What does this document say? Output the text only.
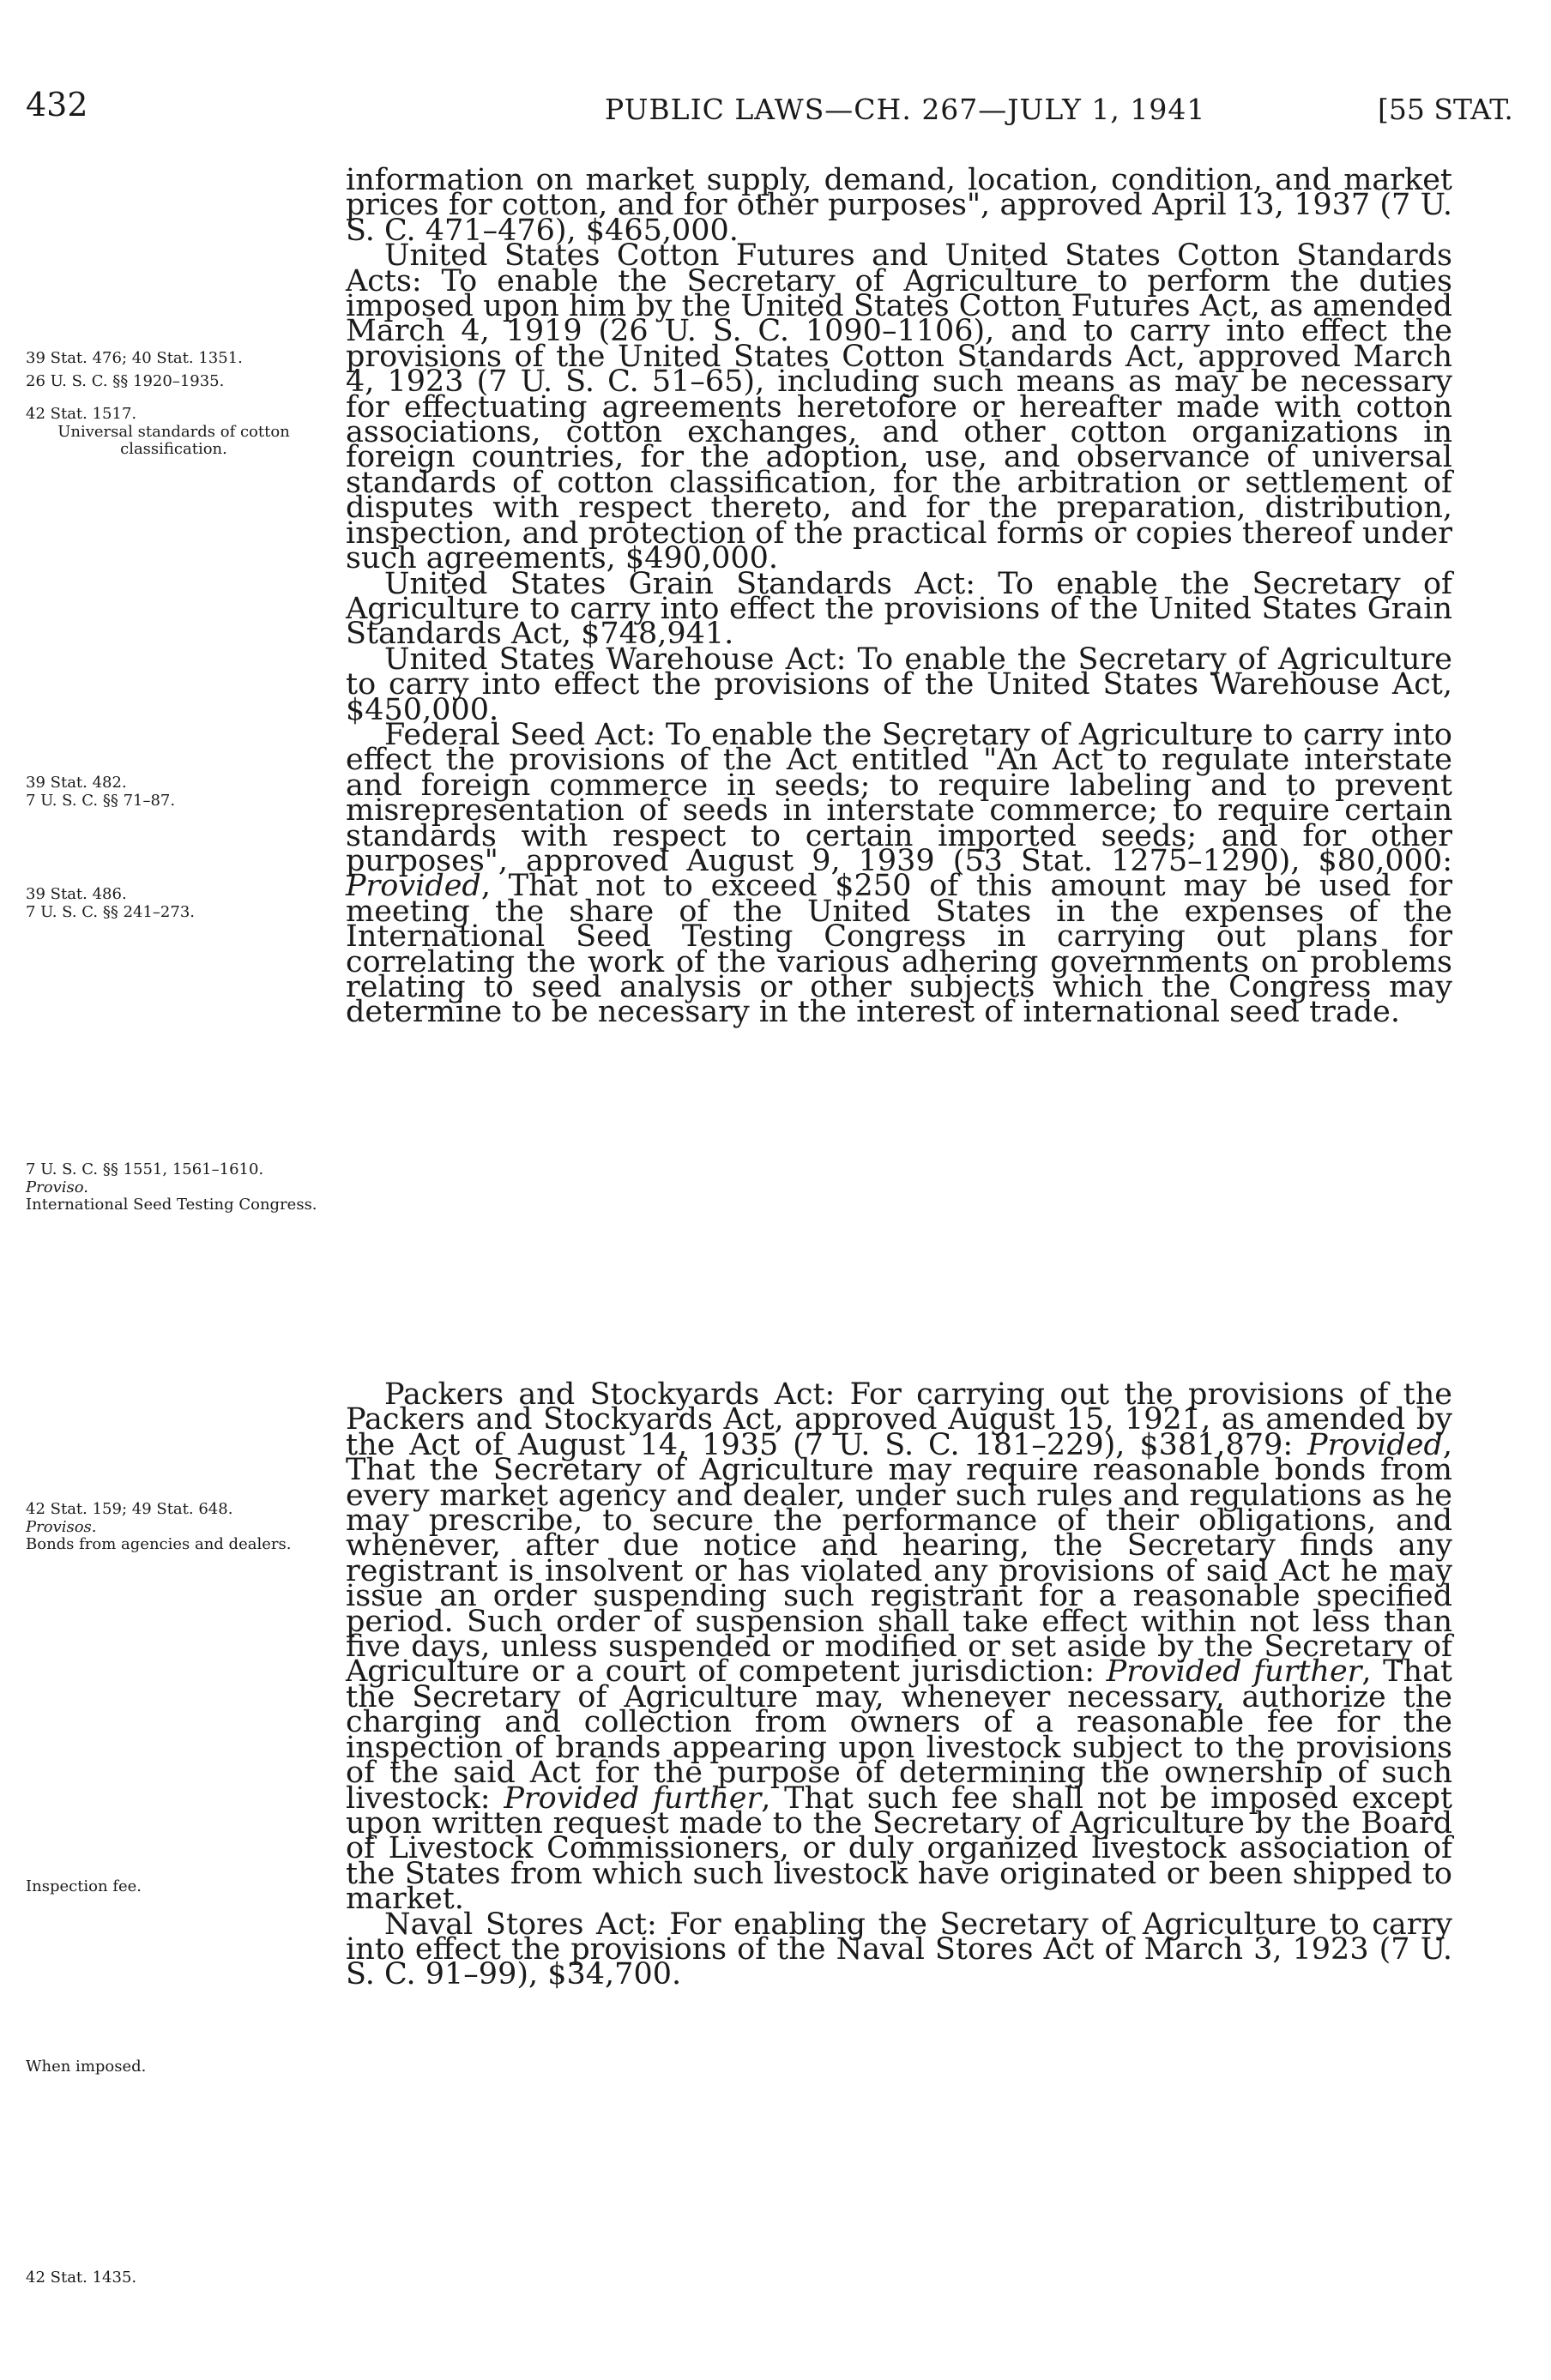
432	PUBLIC LAWS—CH. 267—JULY 1, 1941	[55 STAT.

information on market supply, demand, location, condition, and market prices for cotton, and for other purposes", approved April 13, 1937 (7 U. S. C. 471–476), $465,000.

United States Cotton Futures and United States Cotton Standards Acts: To enable the Secretary of Agriculture to perform the duties imposed upon him by the United States Cotton Futures Act, as amended March 4, 1919 (26 U. S. C. 1090–1106), and to carry into effect the provisions of the United States Cotton Standards Act, approved March 4, 1923 (7 U. S. C. 51–65), including such means as may be necessary for effectuating agreements heretofore or hereafter made with cotton associations, cotton exchanges, and other cotton organizations in foreign countries, for the adoption, use, and observance of universal standards of cotton classification, for the arbitration or settlement of disputes with respect thereto, and for the preparation, distribution, inspection, and protection of the practical forms or copies thereof under such agreements, $490,000.

United States Grain Standards Act: To enable the Secretary of Agriculture to carry into effect the provisions of the United States Grain Standards Act, $748,941.

United States Warehouse Act: To enable the Secretary of Agriculture to carry into effect the provisions of the United States Warehouse Act, $450,000.

Federal Seed Act: To enable the Secretary of Agriculture to carry into effect the provisions of the Act entitled "An Act to regulate interstate and foreign commerce in seeds; to require labeling and to prevent misrepresentation of seeds in interstate commerce; to require certain standards with respect to certain imported seeds; and for other purposes", approved August 9, 1939 (53 Stat. 1275–1290), $80,000: Provided, That not to exceed $250 of this amount may be used for meeting the share of the United States in the expenses of the International Seed Testing Congress in carrying out plans for correlating the work of the various adhering governments on problems relating to seed analysis or other subjects which the Congress may determine to be necessary in the interest of international seed trade.

Packers and Stockyards Act: For carrying out the provisions of the Packers and Stockyards Act, approved August 15, 1921, as amended by the Act of August 14, 1935 (7 U. S. C. 181–229), $381,879: Provided, That the Secretary of Agriculture may require reasonable bonds from every market agency and dealer, under such rules and regulations as he may prescribe, to secure the performance of their obligations, and whenever, after due notice and hearing, the Secretary finds any registrant is insolvent or has violated any provisions of said Act he may issue an order suspending such registrant for a reasonable specified period. Such order of suspension shall take effect within not less than five days, unless suspended or modified or set aside by the Secretary of Agriculture or a court of competent jurisdiction: Provided further, That the Secretary of Agriculture may, whenever necessary, authorize the charging and collection from owners of a reasonable fee for the inspection of brands appearing upon livestock subject to the provisions of the said Act for the purpose of determining the ownership of such livestock: Provided further, That such fee shall not be imposed except upon written request made to the Secretary of Agriculture by the Board of Livestock Commissioners, or duly organized livestock association of the States from which such livestock have originated or been shipped to market.

Naval Stores Act: For enabling the Secretary of Agriculture to carry into effect the provisions of the Naval Stores Act of March 3, 1923 (7 U. S. C. 91–99), $34,700.

39 Stat. 476; 40 Stat. 1351.
26 U. S. C. §§ 1920–1935.
42 Stat. 1517.
Universal standards of cotton classification.
39 Stat. 482.
7 U. S. C. §§ 71–87.
39 Stat. 486.
7 U. S. C. §§ 241–273.
7 U. S. C. §§ 1551, 1561–1610.
Proviso.
International Seed Testing Congress.
42 Stat. 159; 49 Stat. 648.
Provisos.
Bonds from agencies and dealers.
Inspection fee.
When imposed.
42 Stat. 1435.
